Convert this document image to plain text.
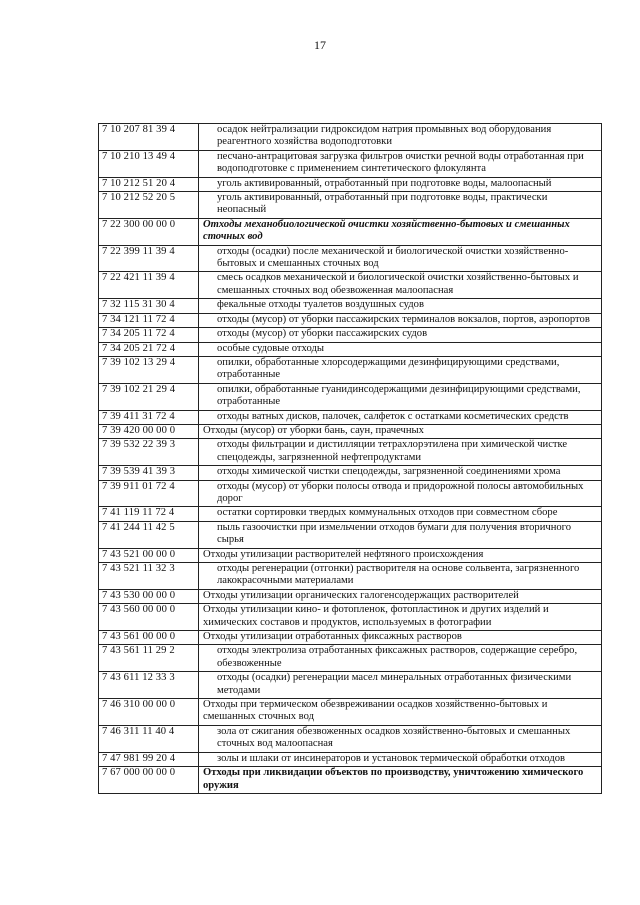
17
7 10 207 81 39 4	осадок нейтрализации гидроксидом натрия промывных вод оборудования реагентного хозяйства водоподготовки
7 10 210 13 49 4	песчано-антрацитовая загрузка фильтров очистки речной воды отработанная при водоподготовке с применением синтетического флокулянта
7 10 212 51 20 4	уголь активированный, отработанный при подготовке воды, малоопасный
7 10 212 52 20 5	уголь активированный, отработанный при подготовке воды, практически неопасный
7 22 300 00 00 0	Отходы механобиологической очистки хозяйственно-бытовых и смешанных сточных вод
7 22 399 11 39 4	отходы (осадки) после механической и биологической очистки хозяйственно-бытовых и смешанных сточных вод
7 22 421 11 39 4	смесь осадков механической и биологической очистки хозяйственно-бытовых и смешанных сточных вод обезвоженная малоопасная
7 32 115 31 30 4	фекальные отходы туалетов воздушных судов
7 34 121 11 72 4	отходы (мусор) от уборки пассажирских терминалов вокзалов, портов, аэропортов
7 34 205 11 72 4	отходы (мусор) от уборки пассажирских судов
7 34 205 21 72 4	особые судовые отходы
7 39 102 13 29 4	опилки, обработанные хлорсодержащими дезинфицирующими средствами, отработанные
7 39 102 21 29 4	опилки, обработанные гуанидинсодержащими дезинфицирующими средствами, отработанные
7 39 411 31 72 4	отходы ватных дисков, палочек, салфеток с остатками косметических средств
7 39 420 00 00 0	Отходы (мусор) от уборки бань, саун, прачечных
7 39 532 22 39 3	отходы фильтрации и дистилляции тетрахлорэтилена при химической чистке спецодежды, загрязненной нефтепродуктами
7 39 539 41 39 3	отходы химической чистки спецодежды, загрязненной соединениями хрома
7 39 911 01 72 4	отходы (мусор) от уборки полосы отвода и придорожной полосы автомобильных дорог
7 41 119 11 72 4	остатки сортировки твердых коммунальных отходов при совместном сборе
7 41 244 11 42 5	пыль газоочистки при измельчении отходов бумаги для получения вторичного сырья
7 43 521 00 00 0	Отходы утилизации растворителей нефтяного происхождения
7 43 521 11 32 3	отходы регенерации (отгонки) растворителя на основе сольвента, загрязненного лакокрасочными материалами
7 43 530 00 00 0	Отходы утилизации органических галогенсодержащих растворителей
7 43 560 00 00 0	Отходы утилизации кино- и фотопленок, фотопластинок и других изделий и химических составов и продуктов, используемых в фотографии
7 43 561 00 00 0	Отходы утилизации отработанных фиксажных растворов
7 43 561 11 29 2	отходы электролиза отработанных фиксажных растворов, содержащие серебро, обезвоженные
7 43 611 12 33 3	отходы (осадки) регенерации масел минеральных отработанных физическими методами
7 46 310 00 00 0	Отходы при термическом обезвреживании осадков хозяйственно-бытовых и смешанных сточных вод
7 46 311 11 40 4	зола от сжигания обезвоженных осадков хозяйственно-бытовых и смешанных сточных вод малоопасная
7 47 981 99 20 4	золы и шлаки от инсинераторов и установок термической обработки отходов
7 67 000 00 00 0	Отходы при ликвидации объектов по производству, уничтожению химического оружия
